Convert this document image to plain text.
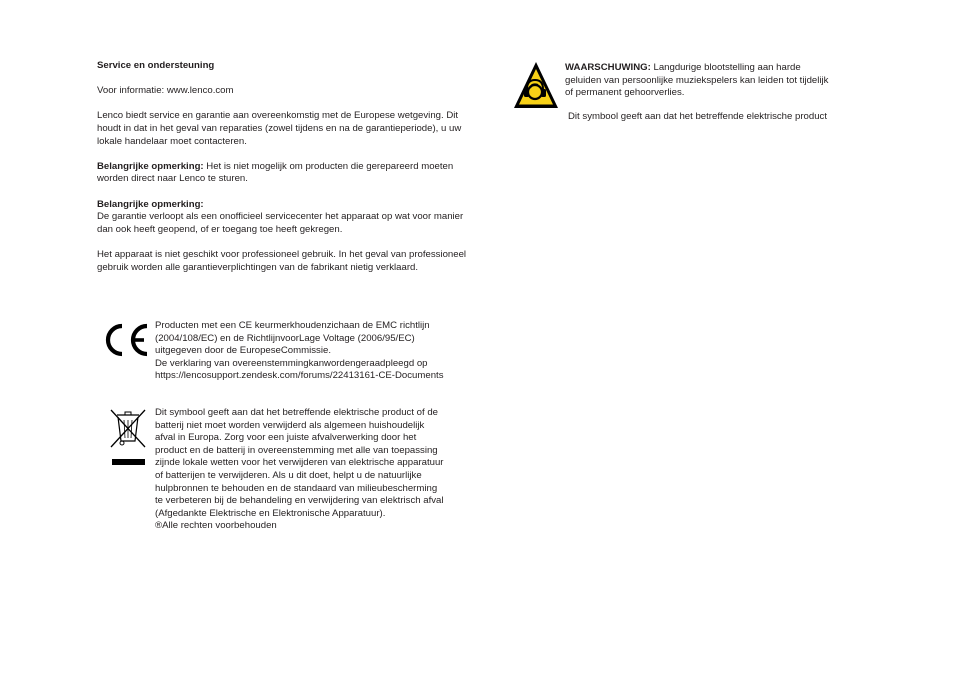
Service en ondersteuning

Voor informatie: www.lenco.com

Lenco biedt service en garantie aan overeenkomstig met de Europese wetgeving. Dit houdt in dat in het geval van reparaties (zowel tijdens en na de garantieperiode), u uw lokale handelaar moet contacteren.

Belangrijke opmerking: Het is niet mogelijk om producten die gerepareerd moeten worden direct naar Lenco te sturen.

Belangrijke opmerking:
De garantie verloopt als een onofficieel servicecenter het apparaat op wat voor manier dan ook heeft geopend, of er toegang toe heeft gekregen.

Het apparaat is niet geschikt voor professioneel gebruik. In het geval van professioneel gebruik worden alle garantieverplichtingen van de fabrikant nietig verklaard.

Producten met een CE keurmerkhoudenzichaan de EMC richtlijn
(2004/108/EC) en de RichtlijnvoorLage Voltage (2006/95/EC)
uitgegeven door de EuropeseCommissie.
De verklaring van overeenstemmingkanwordengeraadpleegd op
https://lencosupport.zendesk.com/forums/22413161-CE-Documents
Dit symbool geeft aan dat het betreffende elektrische product of de
batterij niet moet worden verwijderd als algemeen huishoudelijk
afval in Europa. Zorg voor een juiste afvalverwerking door het
product en de batterij in overeenstemming met alle van toepassing
zijnde lokale wetten voor het verwijderen van elektrische apparatuur
of batterijen te verwijderen. Als u dit doet, helpt u de natuurlijke
hulpbronnen te behouden en de standaard van milieubescherming
te verbeteren bij de behandeling en verwijdering van elektrisch afval
(Afgedankte Elektrische en Elektronische Apparatuur).
®Alle rechten voorbehouden
WAARSCHUWING: Langdurige blootstelling aan harde
geluiden van persoonlijke muziekspelers kan leiden tot tijdelijk
of permanent gehoorverlies.
Dit symbool geeft aan dat het betreffende elektrische product
